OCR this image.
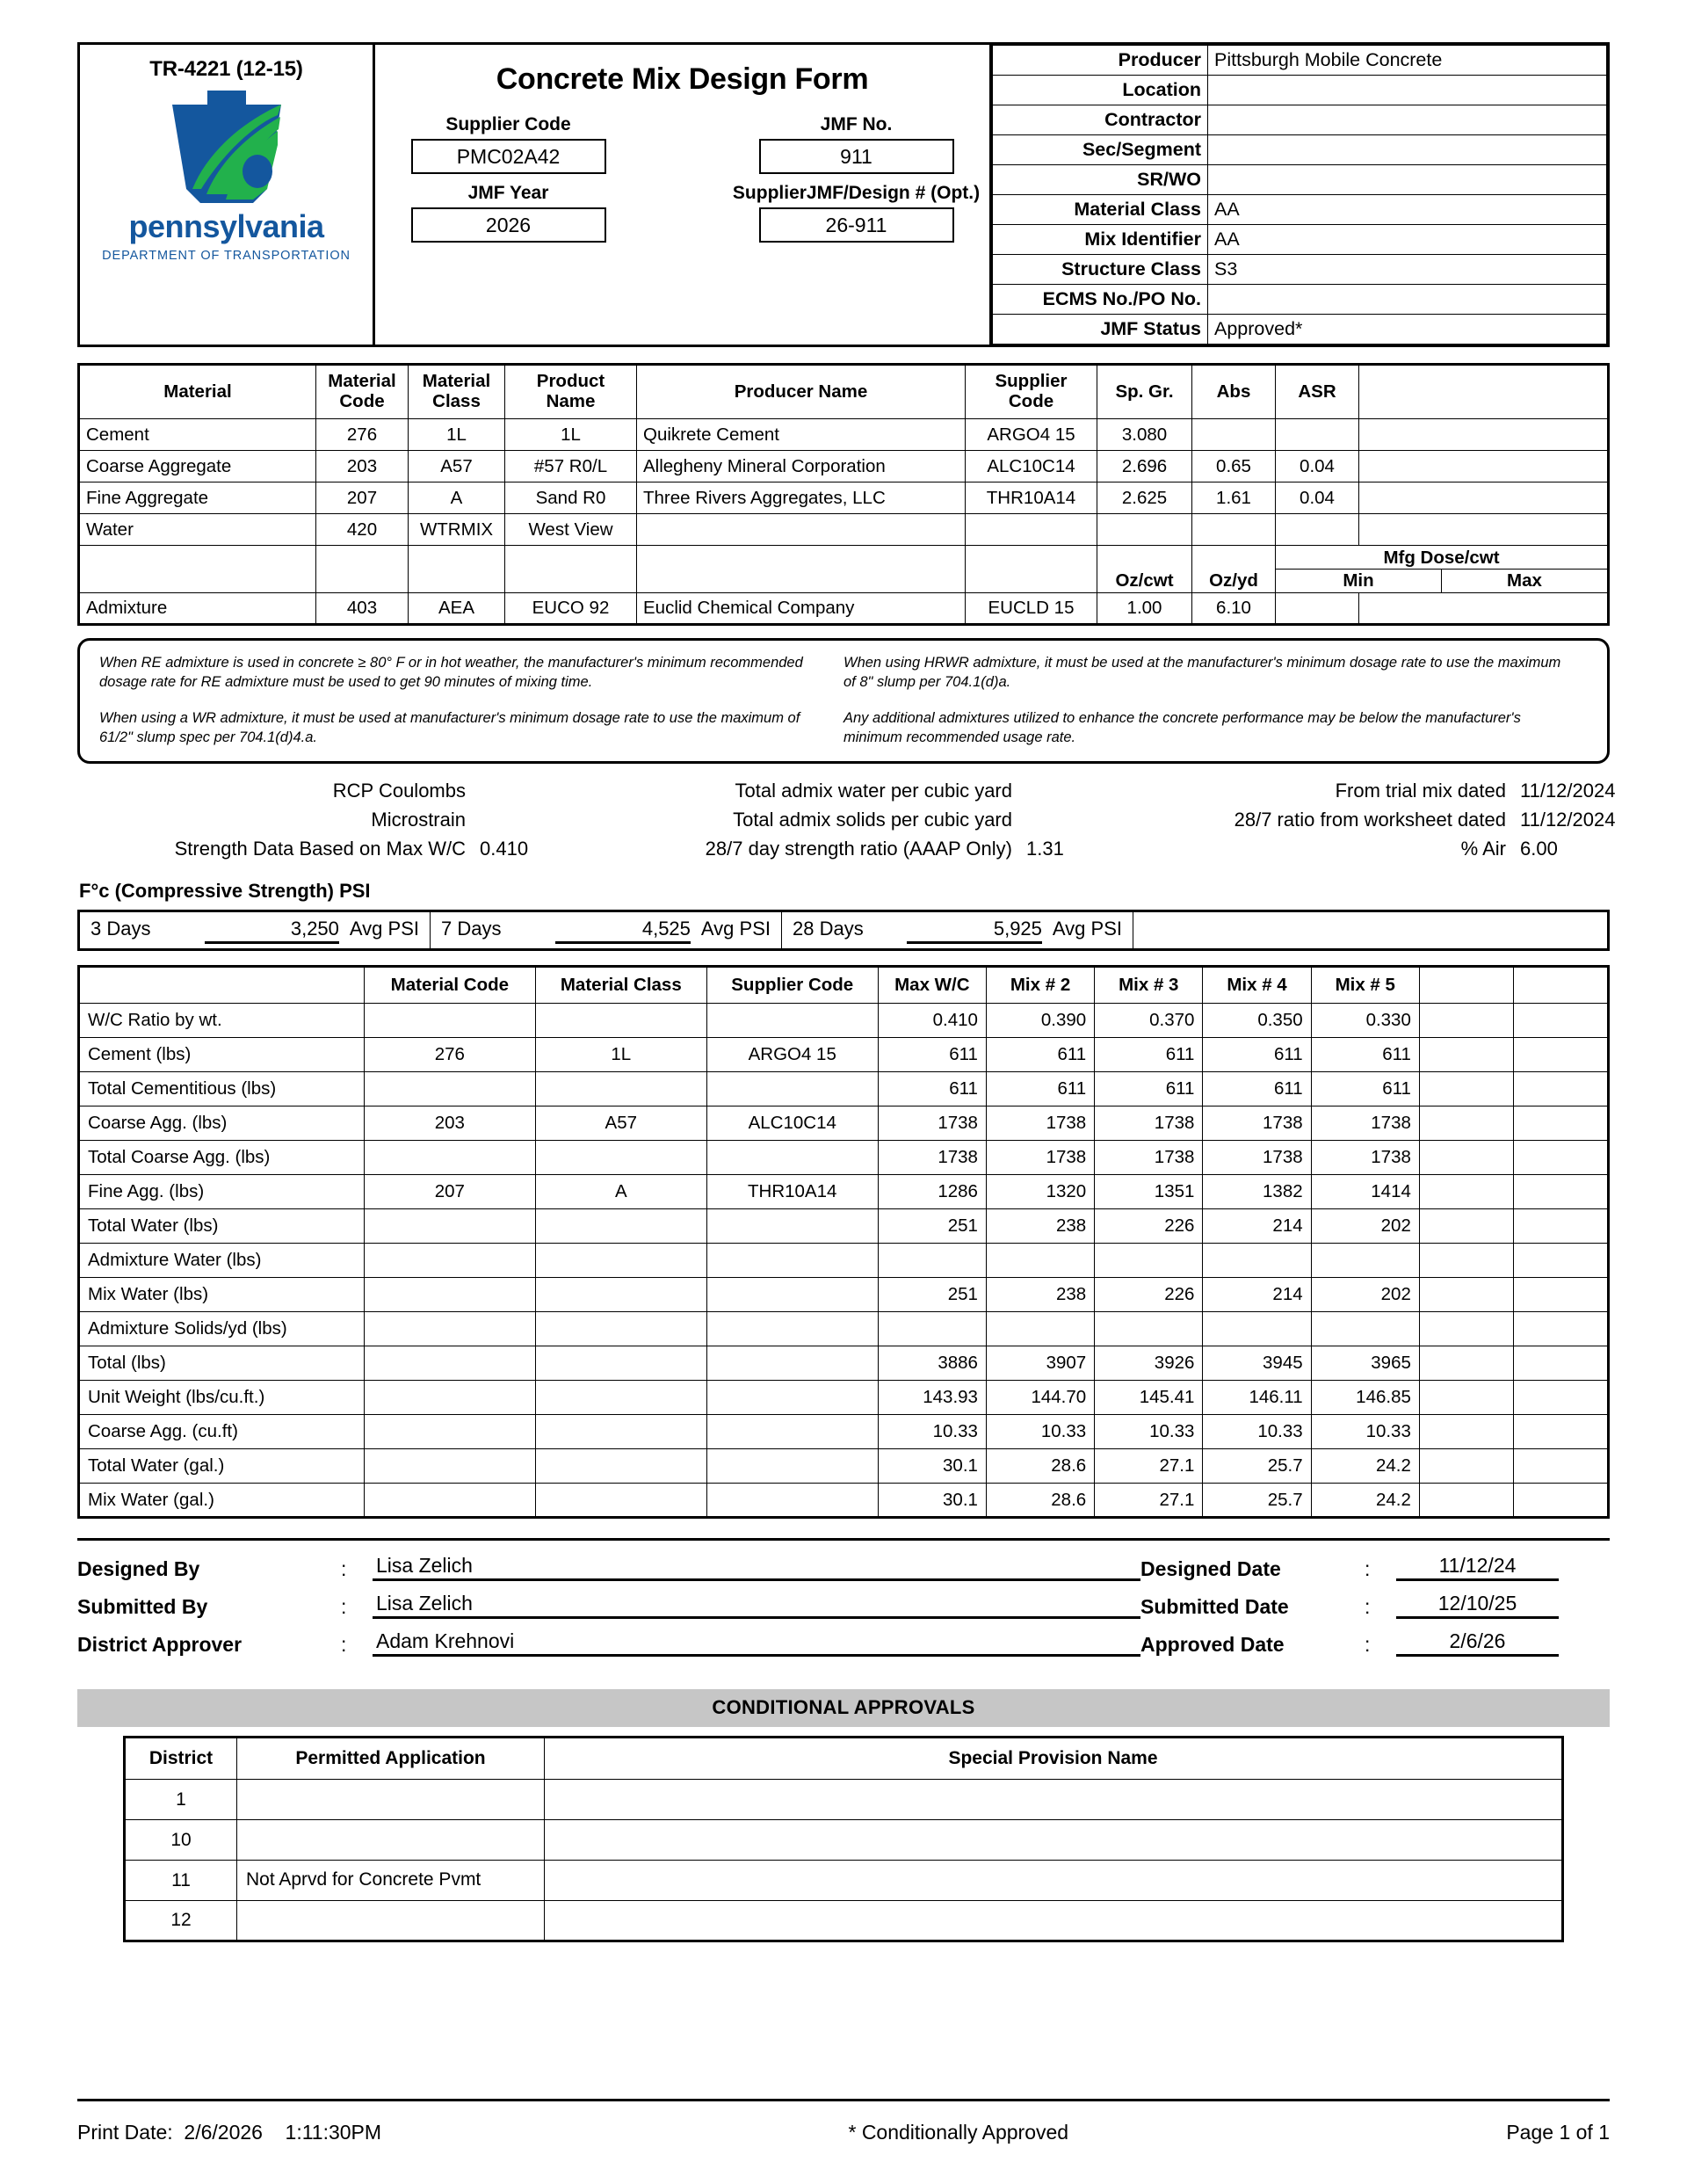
TR-4221 (12-15)
pennsylvania
DEPARTMENT OF TRANSPORTATION
Concrete Mix Design Form
Supplier Code
PMC02A42
JMF Year
2026
JMF No.
911
SupplierJMF/Design # (Opt.)
26-911
Producer	Pittsburgh Mobile Concrete
Location	
Contractor	
Sec/Segment	
SR/WO	
Material Class	AA
Mix Identifier	AA
Structure Class	S3
ECMS No./PO No.	
JMF Status	Approved*
Material	Material Code	Material Class	Product Name	Producer Name	Supplier Code	Sp. Gr.	Abs	ASR	
Cement	276	1L	1L	Quikrete Cement	ARGO4 15	3.080			
Coarse Aggregate	203	A57	#57 R0/L	Allegheny Mineral Corporation	ALC10C14	2.696	0.65	0.04	
Fine Aggregate	207	A	Sand R0	Three Rivers Aggregates, LLC	THR10A14	2.625	1.61	0.04	
Water	420	WTRMIX	West View						
						Oz/cwt	Oz/yd	Mfg Dose/cwt
Min Max	

Admixture	403	AEA	EUCO 92	Euclid Chemical Company	EUCLD 15	1.00	6.10		

When RE admixture is used in concrete ≥ 80° F or in hot weather, the manufacturer's minimum recommended dosage rate for RE admixture must be used to get 90 minutes of mixing time.

When using a WR admixture, it must be used at manufacturer's minimum dosage rate to use the maximum of 61/2" slump spec per 704.1(d)4.a.

When using HRWR admixture, it must be used at the manufacturer's minimum dosage rate to use the maximum of 8" slump per 704.1(d)a.

Any additional admixtures utilized to enhance the concrete performance may be below the manufacturer's minimum recommended usage rate.

RCP Coulombs
Microstrain
Strength Data Based on Max W/C 0.410
Total admix water per cubic yard
Total admix solids per cubic yard
28/7 day strength ratio (AAAP Only) 1.31
From trial mix dated 11/12/2024
28/7 ratio from worksheet dated 11/12/2024
% Air 6.00
F°c (Compressive Strength) PSI
3 Days	3,250 Avg PSI	7 Days	4,525 Avg PSI	28 Days	5,925 Avg PSI

	Material Code	Material Class	Supplier Code	Max W/C	Mix # 2	Mix # 3	Mix # 4	Mix # 5		
W/C Ratio by wt.				0.410	0.390	0.370	0.350	0.330		
Cement (lbs)	276	1L	ARGO4 15	611	611	611	611	611		
Total Cementitious (lbs)				611	611	611	611	611		
Coarse Agg. (lbs)	203	A57	ALC10C14	1738	1738	1738	1738	1738		
Total Coarse Agg. (lbs)				1738	1738	1738	1738	1738		
Fine Agg. (lbs)	207	A	THR10A14	1286	1320	1351	1382	1414		
Total Water (lbs)				251	238	226	214	202		
Admixture Water (lbs)										
Mix Water (lbs)				251	238	226	214	202		
Admixture Solids/yd (lbs)										
Total (lbs)				3886	3907	3926	3945	3965		
Unit Weight (lbs/cu.ft.)				143.93	144.70	145.41	146.11	146.85		
Coarse Agg. (cu.ft)				10.33	10.33	10.33	10.33	10.33		
Total Water (gal.)				30.1	28.6	27.1	25.7	24.2		
Mix Water (gal.)				30.1	28.6	27.1	25.7	24.2		
Designed By	:	Lisa Zelich
Submitted By	:	Lisa Zelich
District Approver	:	Adam Krehnovi
Designed Date	:	11/12/24
Submitted Date	:	12/10/25
Approved Date	:	2/6/26
CONDITIONAL APPROVALS
District	Permitted Application	Special Provision Name
1		
10		
11	Not Aprvd for Concrete Pvmt	
12		
Print Date:  2/6/2026    1:11:30PM	* Conditionally Approved	Page 1 of 1
